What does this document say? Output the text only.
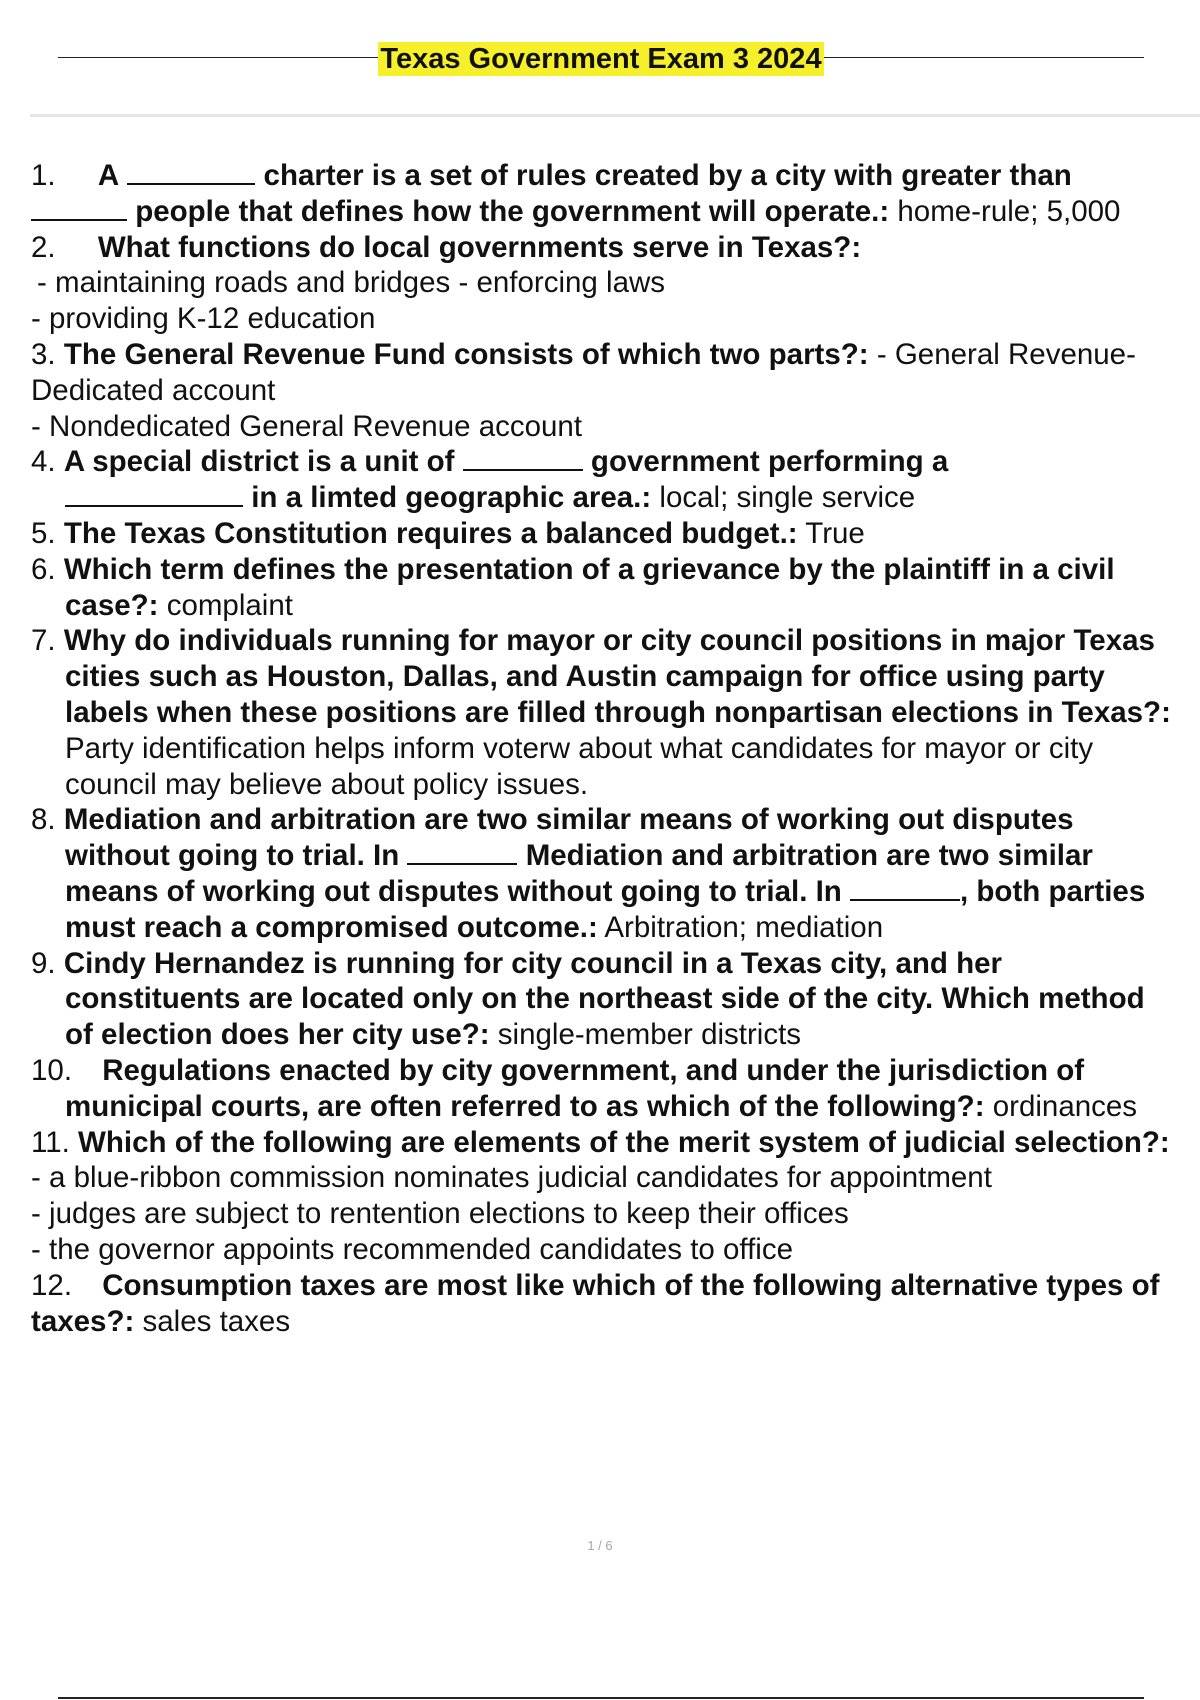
Texas Government Exam 3 2024
1. A	charter is a set of rules created by a city with greater than
people that defines how the government will operate.: home-rule; 5,000
2. What functions do local governments serve in Texas?:
- maintaining roads and bridges - enforcing laws
- providing K-12 education
3. The General Revenue Fund consists of which two parts?: - General Revenue- Dedicated account
- Nondedicated General Revenue account
4. A special district is a unit of	government performing a
in a limted geographic area.: local; single service
5. The Texas Constitution requires a balanced budget.: True
6. Which term defines the presentation of a grievance by the plaintiff in a civil case?: complaint
7. Why do individuals running for mayor or city council positions in major Texas cities such as Houston, Dallas, and Austin campaign for office using party labels when these positions are filled through nonpartisan elections in Texas?: Party identification helps inform voterw about what candidates for mayor or city council may believe about policy issues.
8. Mediation and arbitration are two similar means of working out disputes without going to trial. In	Mediation and arbitration are two similar means of working out disputes without going to trial. In	, both parties must reach a compromised outcome.: Arbitration; mediation
9. Cindy Hernandez is running for city council in a Texas city, and her constituents are located only on the northeast side of the city. Which method of election does her city use?: single-member districts
10. Regulations enacted by city government, and under the jurisdiction of municipal courts, are often referred to as which of the following?: ordinances
11. Which of the following are elements of the merit system of judicial selection?: - a blue-ribbon commission nominates judicial candidates for appointment
- judges are subject to rentention elections to keep their offices
- the governor appoints recommended candidates to office
12. Consumption taxes are most like which of the following alternative types of taxes?: sales taxes
1 / 6
